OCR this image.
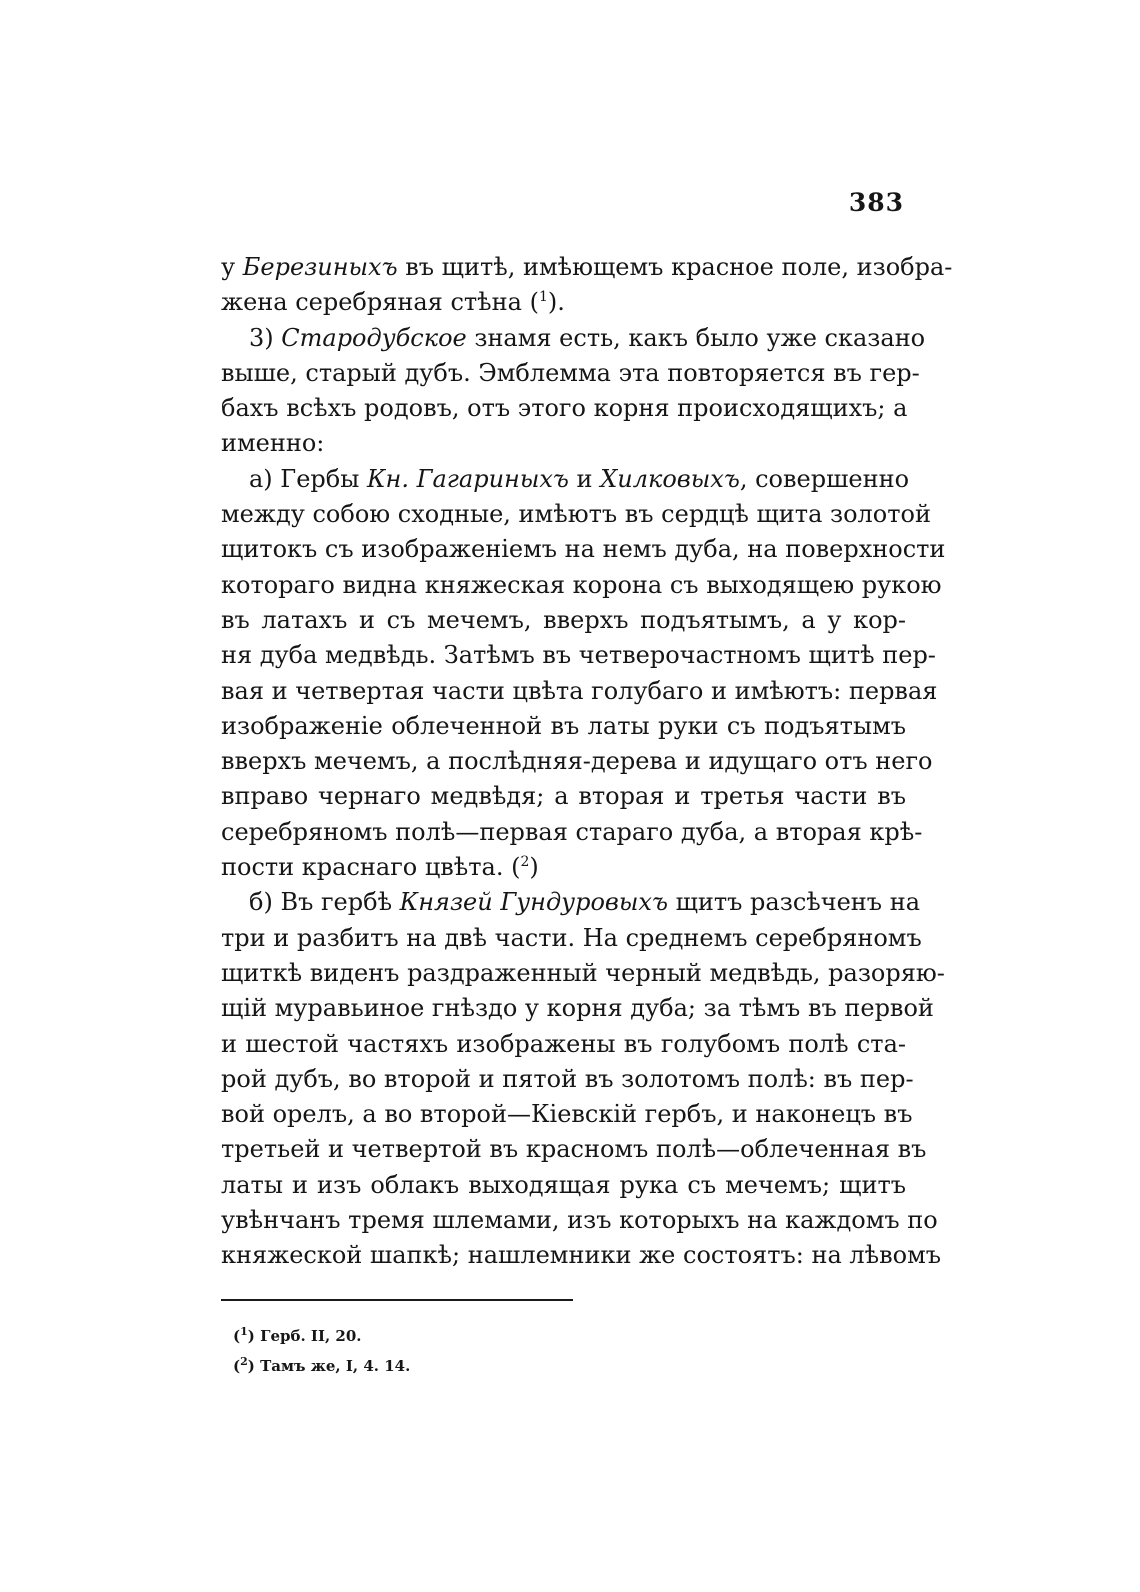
383
у Березиныхъ въ щитѣ, имѣющемъ красное поле, изобра-
жена серебряная стѣна ($^1$).
3) Стародубское знамя есть, какъ было уже сказано
выше, старый дубъ. Эмблемма эта повторяется въ гер-
бахъ всѣхъ родовъ, отъ этого корня происходящихъ; а
именно:
а) Гербы Кн. Гагариныхъ и Хилковыхъ, совершенно
между собою сходные, имѣютъ въ сердцѣ щита золотой
щитокъ съ изображеніемъ на немъ дуба, на поверхности
котораго видна княжеская корона съ выходящею рукою
въ латахъ и съ мечемъ, вверхъ подъятымъ, а у кор-
ня дуба медвѣдь. Затѣмъ въ четверочастномъ щитѣ пер-
вая и четвертая части цвѣта голубаго и имѣютъ: первая
изображеніе облеченной въ латы руки съ подъятымъ
вверхъ мечемъ, а послѣдняя-дерева и идущаго отъ него
вправо чернаго медвѣдя; а вторая и третья части въ
серебряномъ полѣ—первая стараго дуба, а вторая крѣ-
пости краснаго цвѣта. ($^2$)
б) Въ гербѣ Князей Гундуровыхъ щитъ разсѣченъ на
три и разбитъ на двѣ части. На среднемъ серебряномъ
щиткѣ виденъ раздраженный черный медвѣдь, разоряю-
щій муравьиное гнѣздо у корня дуба; за тѣмъ въ первой
и шестой частяхъ изображены въ голубомъ полѣ ста-
рой дубъ, во второй и пятой въ золотомъ полѣ: въ пер-
вой орелъ, а во второй—Кіевскій гербъ, и наконецъ въ
третьей и четвертой въ красномъ полѣ—облеченная въ
латы и изъ облакъ выходящая рука съ мечемъ; щитъ
увѣнчанъ тремя шлемами, изъ которыхъ на каждомъ по
княжеской шапкѣ; нашлемники же состоятъ: на лѣвомъ
($^1$) Герб. II, 20.
($^2$) Тамъ же, I, 4. 14.
